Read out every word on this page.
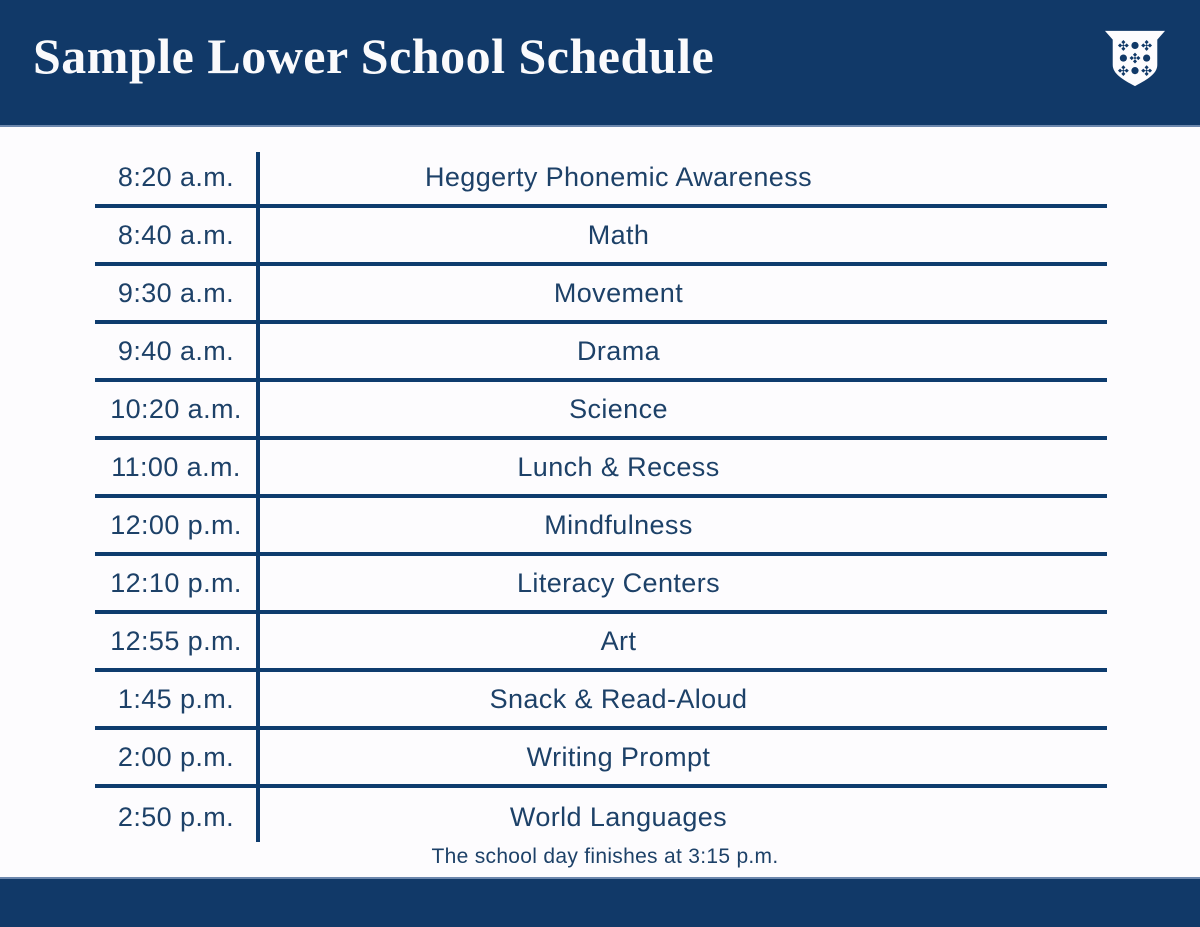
Sample Lower School Schedule
8:20 a.m.	Heggerty Phonemic Awareness
8:40 a.m.	Math
9:30 a.m.	Movement
9:40 a.m.	Drama
10:20 a.m.	Science
11:00 a.m.	Lunch & Recess
12:00 p.m.	Mindfulness
12:10 p.m.	Literacy Centers
12:55 p.m.	Art
1:45 p.m.	Snack & Read-Aloud
2:00 p.m.	Writing Prompt
2:50 p.m.	World Languages

The school day finishes at 3:15 p.m.
